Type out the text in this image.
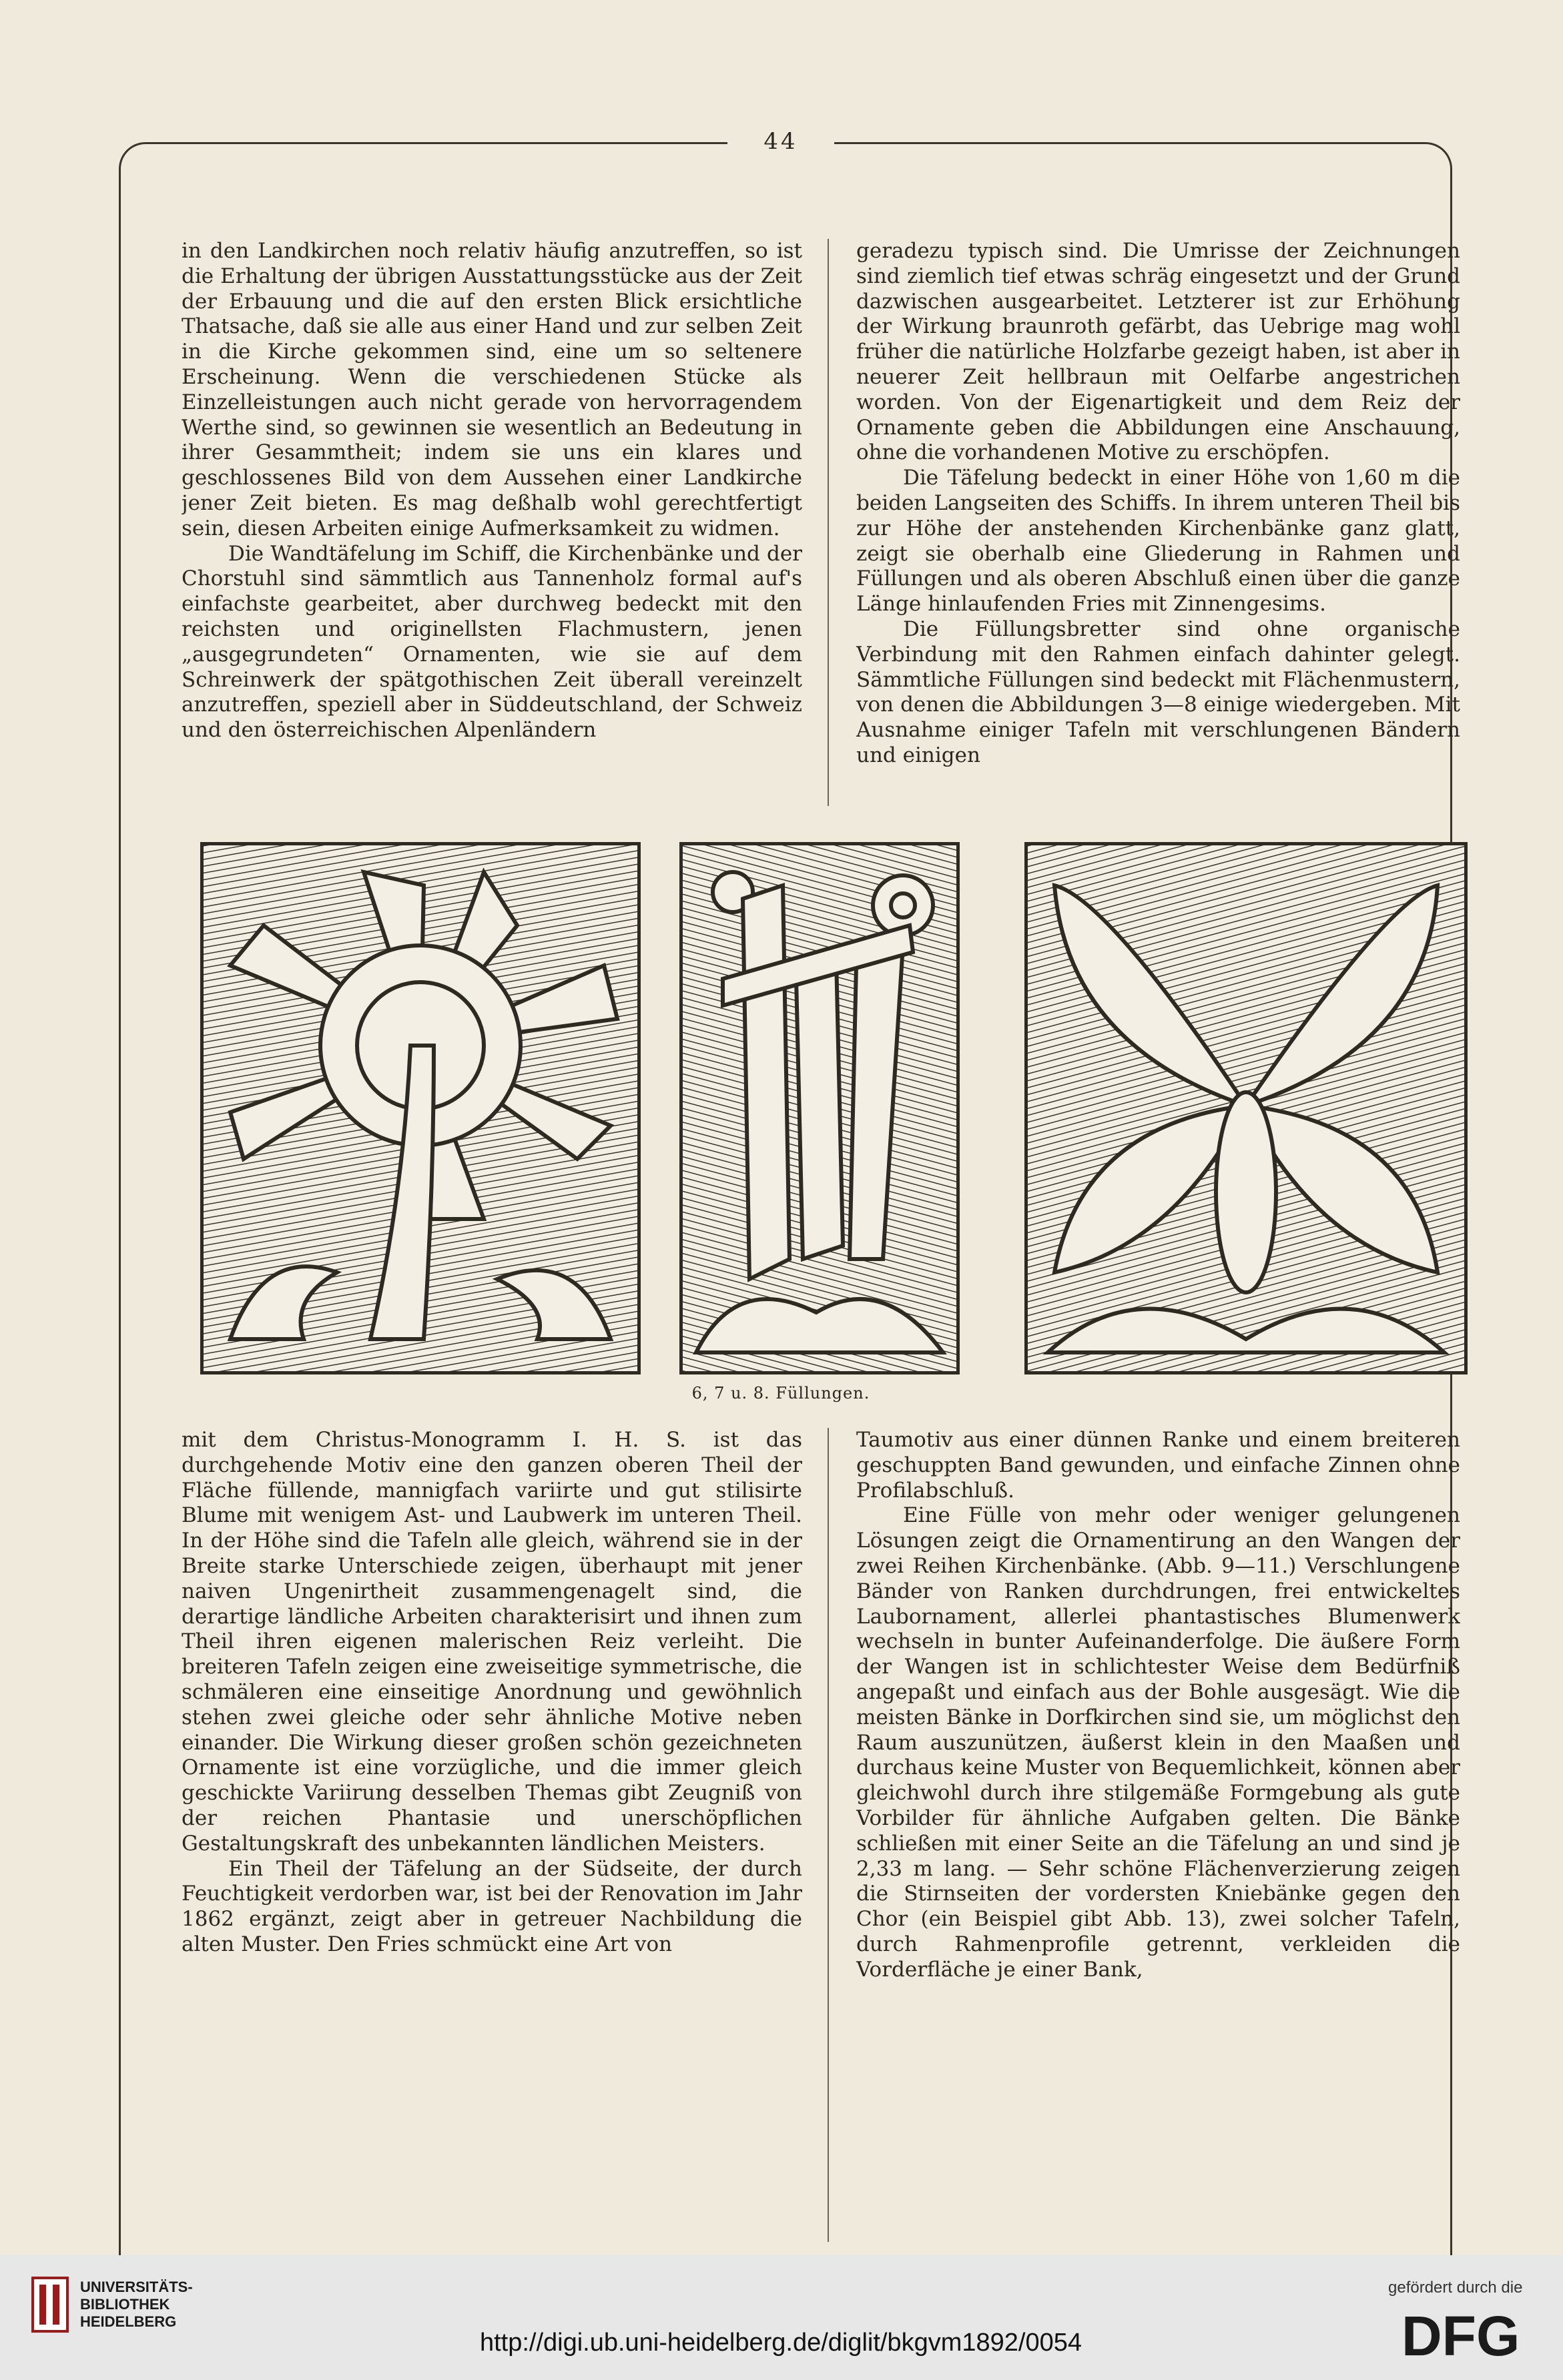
44

in den Landkirchen noch relativ häufig anzutreffen, so ist die Erhaltung der übrigen Ausstattungsstücke aus der Zeit der Erbauung und die auf den ersten Blick ersichtliche Thatsache, daß sie alle aus einer Hand und zur selben Zeit in die Kirche gekommen sind, eine um so seltenere Erscheinung. Wenn die verschiedenen Stücke als Einzelleistungen auch nicht gerade von hervorragendem Werthe sind, so gewinnen sie wesentlich an Bedeutung in ihrer Gesammtheit; indem sie uns ein klares und geschlossenes Bild von dem Aussehen einer Landkirche jener Zeit bieten. Es mag deßhalb wohl gerechtfertigt sein, diesen Arbeiten einige Aufmerksamkeit zu widmen.

Die Wandtäfelung im Schiff, die Kirchenbänke und der Chorstuhl sind sämmtlich aus Tannenholz formal auf's einfachste gearbeitet, aber durchweg bedeckt mit den reichsten und originellsten Flachmustern, jenen „ausgegrundeten“ Ornamenten, wie sie auf dem Schreinwerk der spätgothischen Zeit überall vereinzelt anzutreffen, speziell aber in Süddeutschland, der Schweiz und den österreichischen Alpenländern

geradezu typisch sind. Die Umrisse der Zeichnungen sind ziemlich tief etwas schräg eingesetzt und der Grund dazwischen ausgearbeitet. Letzterer ist zur Erhöhung der Wirkung braunroth gefärbt, das Uebrige mag wohl früher die natürliche Holzfarbe gezeigt haben, ist aber in neuerer Zeit hellbraun mit Oelfarbe angestrichen worden. Von der Eigenartigkeit und dem Reiz der Ornamente geben die Abbildungen eine Anschauung, ohne die vorhandenen Motive zu erschöpfen.

Die Täfelung bedeckt in einer Höhe von 1,60 m die beiden Langseiten des Schiffs. In ihrem unteren Theil bis zur Höhe der anstehenden Kirchenbänke ganz glatt, zeigt sie oberhalb eine Gliederung in Rahmen und Füllungen und als oberen Abschluß einen über die ganze Länge hinlaufenden Fries mit Zinnengesims.

Die Füllungsbretter sind ohne organische Verbindung mit den Rahmen einfach dahinter gelegt. Sämmtliche Füllungen sind bedeckt mit Flächenmustern, von denen die Abbildungen 3—8 einige wiedergeben. Mit Ausnahme einiger Tafeln mit verschlungenen Bändern und einigen

6, 7 u. 8. Füllungen.

mit dem Christus-Monogramm I. H. S. ist das durchgehende Motiv eine den ganzen oberen Theil der Fläche füllende, mannigfach variirte und gut stilisirte Blume mit wenigem Ast- und Laubwerk im unteren Theil. In der Höhe sind die Tafeln alle gleich, während sie in der Breite starke Unterschiede zeigen, überhaupt mit jener naiven Ungenirtheit zusammengenagelt sind, die derartige ländliche Arbeiten charakterisirt und ihnen zum Theil ihren eigenen malerischen Reiz verleiht. Die breiteren Tafeln zeigen eine zweiseitige symmetrische, die schmäleren eine einseitige Anordnung und gewöhnlich stehen zwei gleiche oder sehr ähnliche Motive neben einander. Die Wirkung dieser großen schön gezeichneten Ornamente ist eine vorzügliche, und die immer gleich geschickte Variirung desselben Themas gibt Zeugniß von der reichen Phantasie und unerschöpflichen Gestaltungskraft des unbekannten ländlichen Meisters.

Ein Theil der Täfelung an der Südseite, der durch Feuchtigkeit verdorben war, ist bei der Renovation im Jahr 1862 ergänzt, zeigt aber in getreuer Nachbildung die alten Muster. Den Fries schmückt eine Art von

Taumotiv aus einer dünnen Ranke und einem breiteren geschuppten Band gewunden, und einfache Zinnen ohne Profilabschluß.

Eine Fülle von mehr oder weniger gelungenen Lösungen zeigt die Ornamentirung an den Wangen der zwei Reihen Kirchenbänke. (Abb. 9—11.) Verschlungene Bänder von Ranken durchdrungen, frei entwickeltes Laubornament, allerlei phantastisches Blumenwerk wechseln in bunter Aufeinanderfolge. Die äußere Form der Wangen ist in schlichtester Weise dem Bedürfniß angepaßt und einfach aus der Bohle ausgesägt. Wie die meisten Bänke in Dorfkirchen sind sie, um möglichst den Raum auszunützen, äußerst klein in den Maaßen und durchaus keine Muster von Bequemlichkeit, können aber gleichwohl durch ihre stilgemäße Formgebung als gute Vorbilder für ähnliche Aufgaben gelten. Die Bänke schließen mit einer Seite an die Täfelung an und sind je 2,33 m lang. — Sehr schöne Flächenverzierung zeigen die Stirnseiten der vordersten Kniebänke gegen den Chor (ein Beispiel gibt Abb. 13), zwei solcher Tafeln, durch Rahmenprofile getrennt, verkleiden die Vorderfläche je einer Bank,

UNIVERSITÄTS-
BIBLIOTHEK
HEIDELBERG
http://digi.ub.uni-heidelberg.de/diglit/bkgvm1892/0054
gefördert durch die
DFG
